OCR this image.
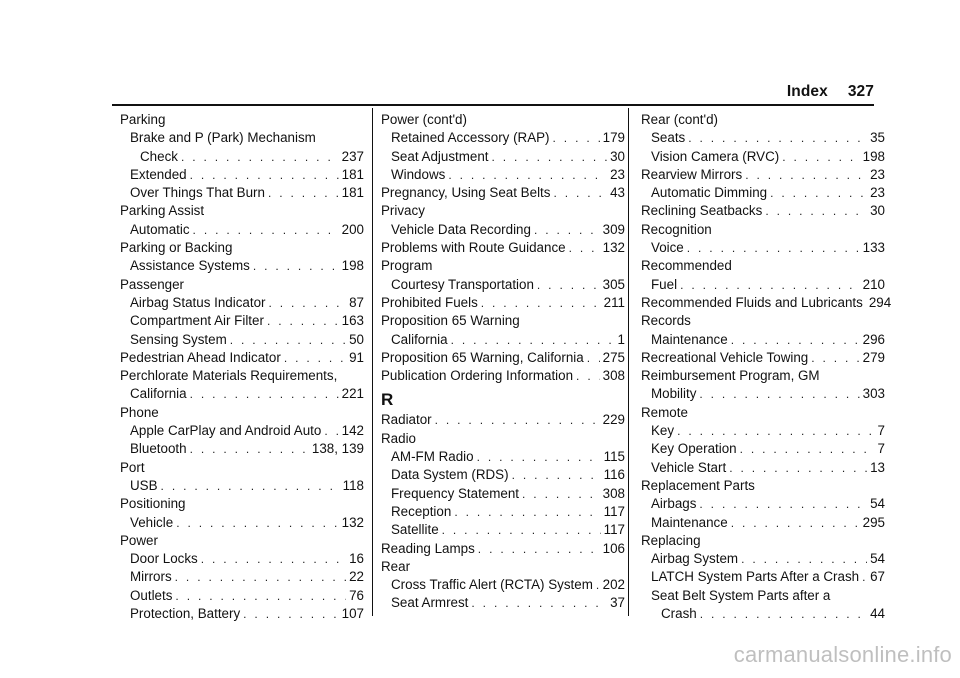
Index 327
Parking
Brake and P (Park) Mechanism
Check . . .	237
Extended . . .	181
Over Things That Burn . . .	181
Parking Assist
Automatic . . .	200
Parking or Backing
Assistance Systems . . .	198
Passenger
Airbag Status Indicator . . .	87
Compartment Air Filter . . .	163
Sensing System . . .	50
Pedestrian Ahead Indicator . . .	91
Perchlorate Materials Requirements,
California . . .	221
Phone
Apple CarPlay and Android Auto . . . 142
Bluetooth . . .	138, 139
Port
USB . . .	118
Positioning
Vehicle . . .	132
Power
Door Locks . . .	16
Mirrors . . .	22
Outlets . . .	76
Protection, Battery . . .	107
Power (cont'd)
Retained Accessory (RAP) . . .	179
Seat Adjustment . . .	30
Windows . . .	23
Pregnancy, Using Seat Belts . . .	43
Privacy
Vehicle Data Recording . . .	309
Problems with Route Guidance . . .	132
Program
Courtesy Transportation . . .	305
Prohibited Fuels . . .	211
Proposition 65 Warning
California . . .	1
Proposition 65 Warning, California . . . 275
Publication Ordering Information . . . 308
R
Radiator . . .	229
Radio
AM-FM Radio . . .	115
Data System (RDS) . . .	116
Frequency Statement . . .	308
Reception . . .	117
Satellite . . .	117
Reading Lamps . . .	106
Rear
Cross Traffic Alert (RCTA) System . . . 202
Seat Armrest . . .	37
Rear (cont'd)
Seats . . .	35
Vision Camera (RVC) . . .	198
Rearview Mirrors . . .	23
Automatic Dimming . . .	23
Reclining Seatbacks . . .	30
Recognition
Voice . . .	133
Recommended
Fuel . . .	210
Recommended Fluids and Lubricants 294
Records
Maintenance . . .	296
Recreational Vehicle Towing . . .	279
Reimbursement Program, GM
Mobility . . .	303
Remote
Key . . .	7
Key Operation . . .	7
Vehicle Start . . .	13
Replacement Parts
Airbags . . .	54
Maintenance . . .	295
Replacing
Airbag System . . .	54
LATCH System Parts After a Crash . . . 67
Seat Belt System Parts after a
Crash . . .	44
carmanualsonline.info
